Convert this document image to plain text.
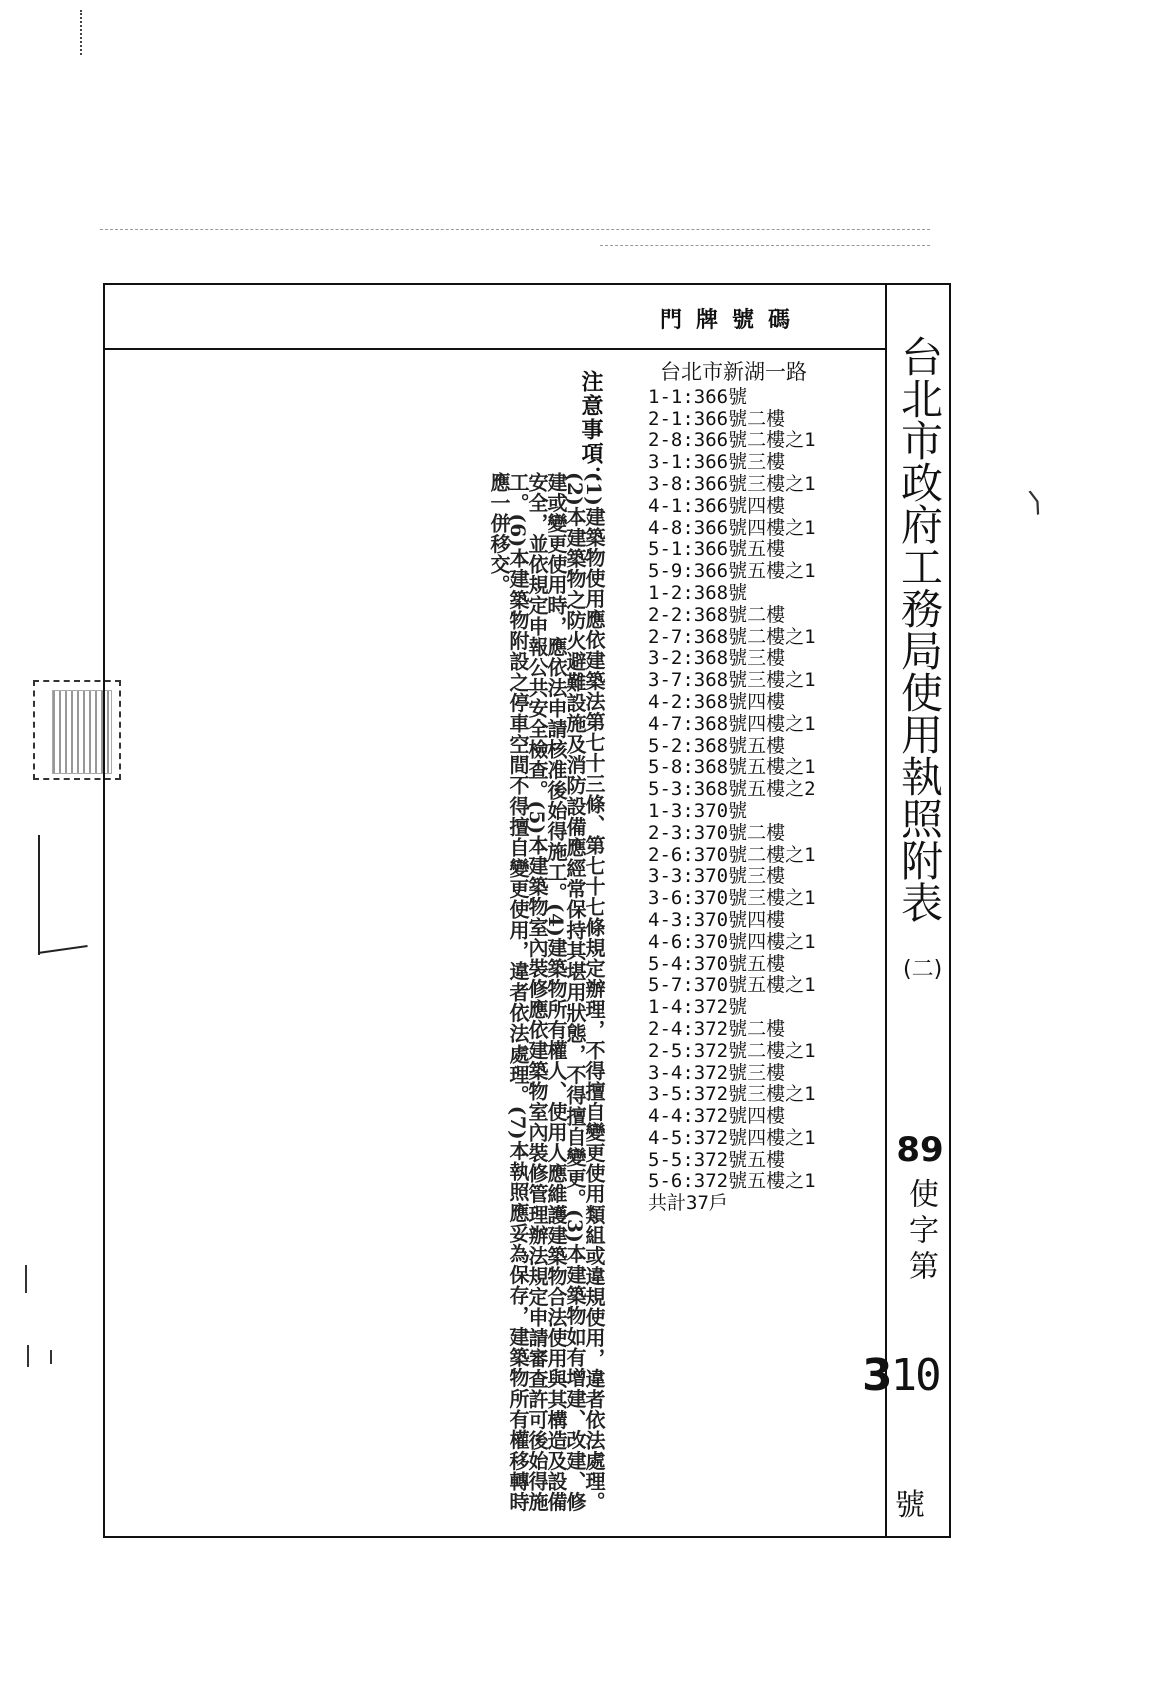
⟩
門牌號碼
台北市政府工務局使用執照附表
(二)
89
使字第
310
號
台北市新湖一路
1-1:366號
2-1:366號二樓
2-8:366號二樓之1
3-1:366號三樓
3-8:366號三樓之1
4-1:366號四樓
4-8:366號四樓之1
5-1:366號五樓
5-9:366號五樓之1
1-2:368號
2-2:368號二樓
2-7:368號二樓之1
3-2:368號三樓
3-7:368號三樓之1
4-2:368號四樓
4-7:368號四樓之1
5-2:368號五樓
5-8:368號五樓之1
5-3:368號五樓之2
1-3:370號
2-3:370號二樓
2-6:370號二樓之1
3-3:370號三樓
3-6:370號三樓之1
4-3:370號四樓
4-6:370號四樓之1
5-4:370號五樓
5-7:370號五樓之1
1-4:372號
2-4:372號二樓
2-5:372號二樓之1
3-4:372號三樓
3-5:372號三樓之1
4-4:372號四樓
4-5:372號四樓之1
5-5:372號五樓
5-6:372號五樓之1
共計37戶
注意事項：
(1)建築物使用應依建築法第七十三條、第七十七條規定辦理，不得擅自變更使用類組或違規使用，違者依法處理。(2)本建築物之防火避難設施及消防設備應經常保持其堪用狀態，不得擅自變更。(3)本建築物如有增建、改建、修建或變更使用時，應依法申請核准後始得施工。(4)建築物所有權人、使用人應維護建築物合法使用與其構造及設備安全，並依規定申報公共安全檢查。(5)本建築物室內裝修應依建築物室內裝修管理辦法規定申請審查許可後始得施工。(6)本建築物附設之停車空間不得擅自變更使用，違者依法處理。(7)本執照應妥為保存，建築物所有權移轉時應一併移交。
